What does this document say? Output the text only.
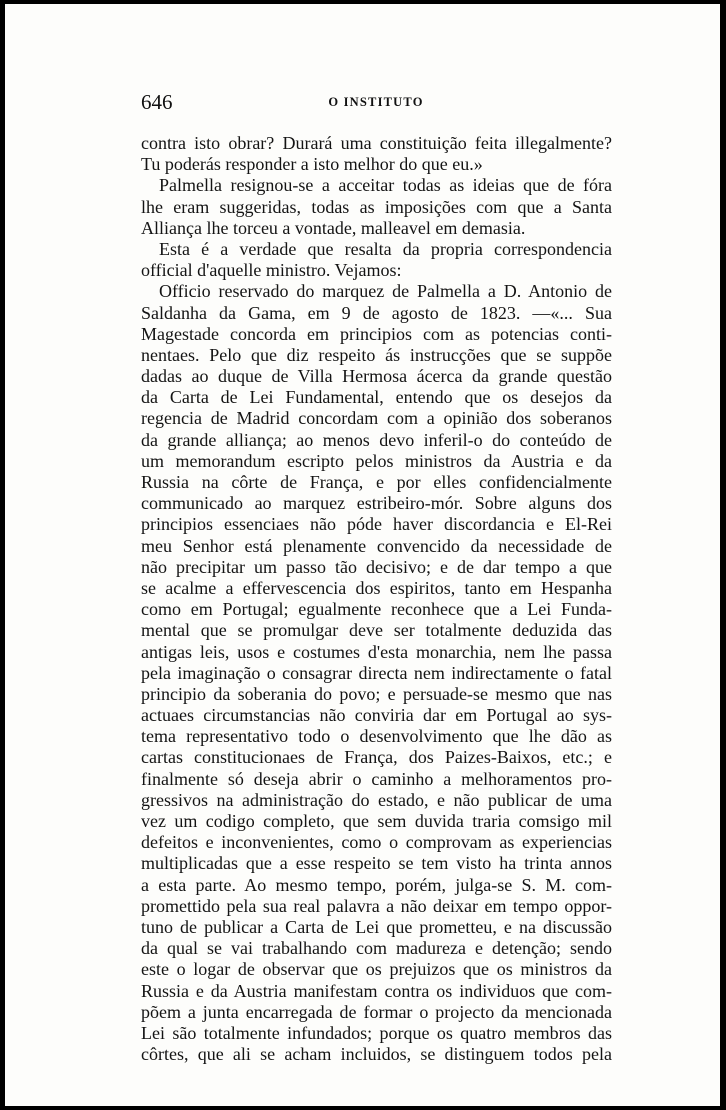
646	O INSTITUTO
contra isto obrar? Durará uma constituição feita illegalmente?
Tu poderás responder a isto melhor do que eu.»
Palmella resignou-se a acceitar todas as ideias que de fóra
lhe eram suggeridas, todas as imposições com que a Santa
Alliança lhe torceu a vontade, malleavel em demasia.
Esta é a verdade que resalta da propria correspondencia
official d'aquelle ministro. Vejamos:
Officio reservado do marquez de Palmella a D. Antonio de
Saldanha da Gama, em 9 de agosto de 1823. —«... Sua
Magestade concorda em principios com as potencias conti-
nentaes. Pelo que diz respeito ás instrucções que se suppõe
dadas ao duque de Villa Hermosa ácerca da grande questão
da Carta de Lei Fundamental, entendo que os desejos da
regencia de Madrid concordam com a opinião dos soberanos
da grande alliança; ao menos devo inferil-o do conteúdo de
um memorandum escripto pelos ministros da Austria e da
Russia na côrte de França, e por elles confidencialmente
communicado ao marquez estribeiro-mór. Sobre alguns dos
principios essenciaes não póde haver discordancia e El-Rei
meu Senhor está plenamente convencido da necessidade de
não precipitar um passo tão decisivo; e de dar tempo a que
se acalme a effervescencia dos espiritos, tanto em Hespanha
como em Portugal; egualmente reconhece que a Lei Funda-
mental que se promulgar deve ser totalmente deduzida das
antigas leis, usos e costumes d'esta monarchia, nem lhe passa
pela imaginação o consagrar directa nem indirectamente o fatal
principio da soberania do povo; e persuade-se mesmo que nas
actuaes circumstancias não conviria dar em Portugal ao sys-
tema representativo todo o desenvolvimento que lhe dão as
cartas constitucionaes de França, dos Paizes-Baixos, etc.; e
finalmente só deseja abrir o caminho a melhoramentos pro-
gressivos na administração do estado, e não publicar de uma
vez um codigo completo, que sem duvida traria comsigo mil
defeitos e inconvenientes, como o comprovam as experiencias
multiplicadas que a esse respeito se tem visto ha trinta annos
a esta parte. Ao mesmo tempo, porém, julga-se S. M. com-
promettido pela sua real palavra a não deixar em tempo oppor-
tuno de publicar a Carta de Lei que prometteu, e na discussão
da qual se vai trabalhando com madureza e detenção; sendo
este o logar de observar que os prejuizos que os ministros da
Russia e da Austria manifestam contra os individuos que com-
põem a junta encarregada de formar o projecto da mencionada
Lei são totalmente infundados; porque os quatro membros das
côrtes, que ali se acham incluidos, se distinguem todos pela
